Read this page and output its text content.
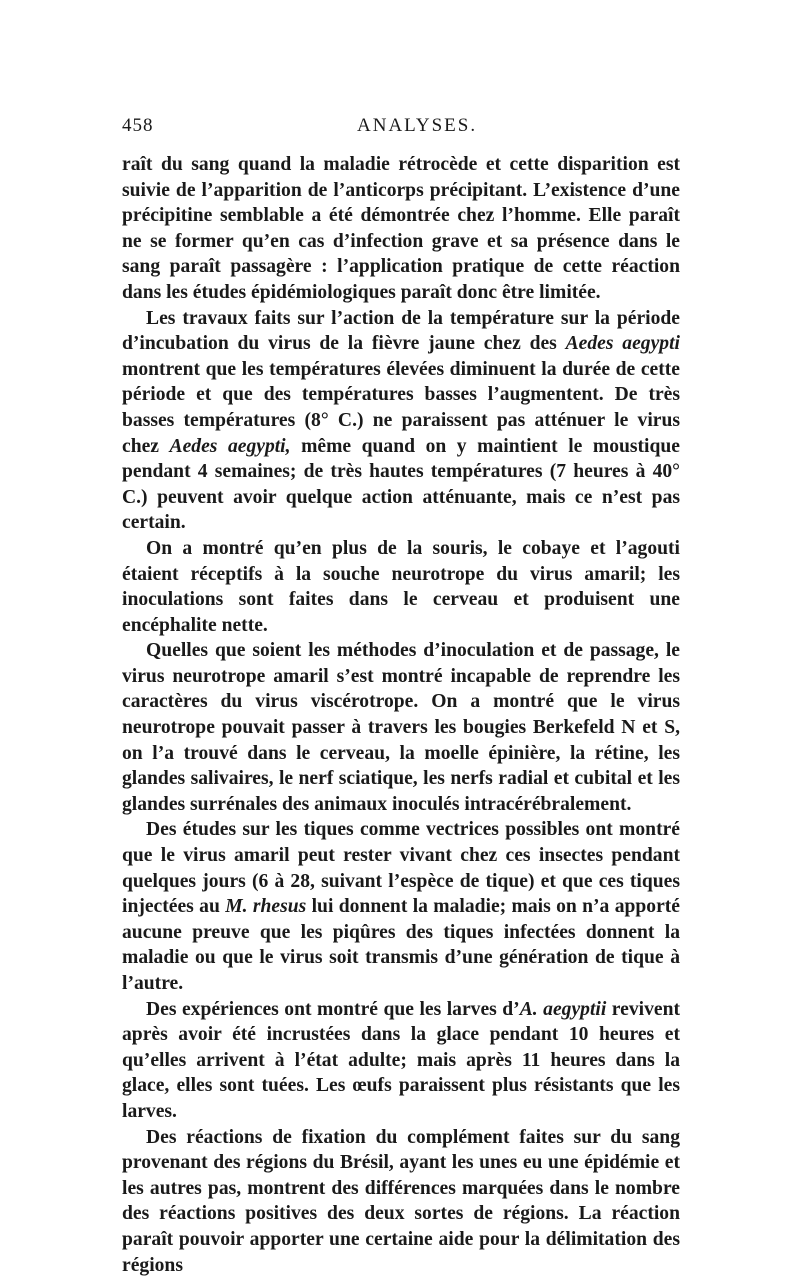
458	ANALYSES.

raît du sang quand la maladie rétrocède et cette disparition est suivie de l’apparition de l’anticorps précipitant. L’existence d’une précipitine semblable a été démontrée chez l’homme. Elle paraît ne se former qu’en cas d’infection grave et sa présence dans le sang paraît passagère : l’application pratique de cette réaction dans les études épidémiologiques paraît donc être limitée.

Les travaux faits sur l’action de la température sur la période d’incubation du virus de la fièvre jaune chez des Aedes aegypti montrent que les températures élevées diminuent la durée de cette période et que des températures basses l’augmentent. De très basses températures (8° C.) ne paraissent pas atténuer le virus chez Aedes aegypti, même quand on y maintient le moustique pendant 4 semaines; de très hautes températures (7 heures à 40° C.) peuvent avoir quelque action atténuante, mais ce n’est pas certain.

On a montré qu’en plus de la souris, le cobaye et l’agouti étaient réceptifs à la souche neurotrope du virus amaril; les inoculations sont faites dans le cerveau et produisent une encéphalite nette.

Quelles que soient les méthodes d’inoculation et de passage, le virus neurotrope amaril s’est montré incapable de reprendre les caractères du virus viscérotrope. On a montré que le virus neurotrope pouvait passer à travers les bougies Berkefeld N et S, on l’a trouvé dans le cerveau, la moelle épinière, la rétine, les glandes salivaires, le nerf sciatique, les nerfs radial et cubital et les glandes surrénales des animaux inoculés intracérébralement.

Des études sur les tiques comme vectrices possibles ont montré que le virus amaril peut rester vivant chez ces insectes pendant quelques jours (6 à 28, suivant l’espèce de tique) et que ces tiques injectées au M. rhesus lui donnent la maladie; mais on n’a apporté aucune preuve que les piqûres des tiques infectées donnent la maladie ou que le virus soit transmis d’une génération de tique à l’autre.

Des expériences ont montré que les larves d’A. aegyptii revivent après avoir été incrustées dans la glace pendant 10 heures et qu’elles arrivent à l’état adulte; mais après 11 heures dans la glace, elles sont tuées. Les œufs paraissent plus résistants que les larves.

Des réactions de fixation du complément faites sur du sang provenant des régions du Brésil, ayant les unes eu une épidémie et les autres pas, montrent des différences marquées dans le nombre des réactions positives des deux sortes de régions. La réaction paraît pouvoir apporter une certaine aide pour la délimitation des régions
